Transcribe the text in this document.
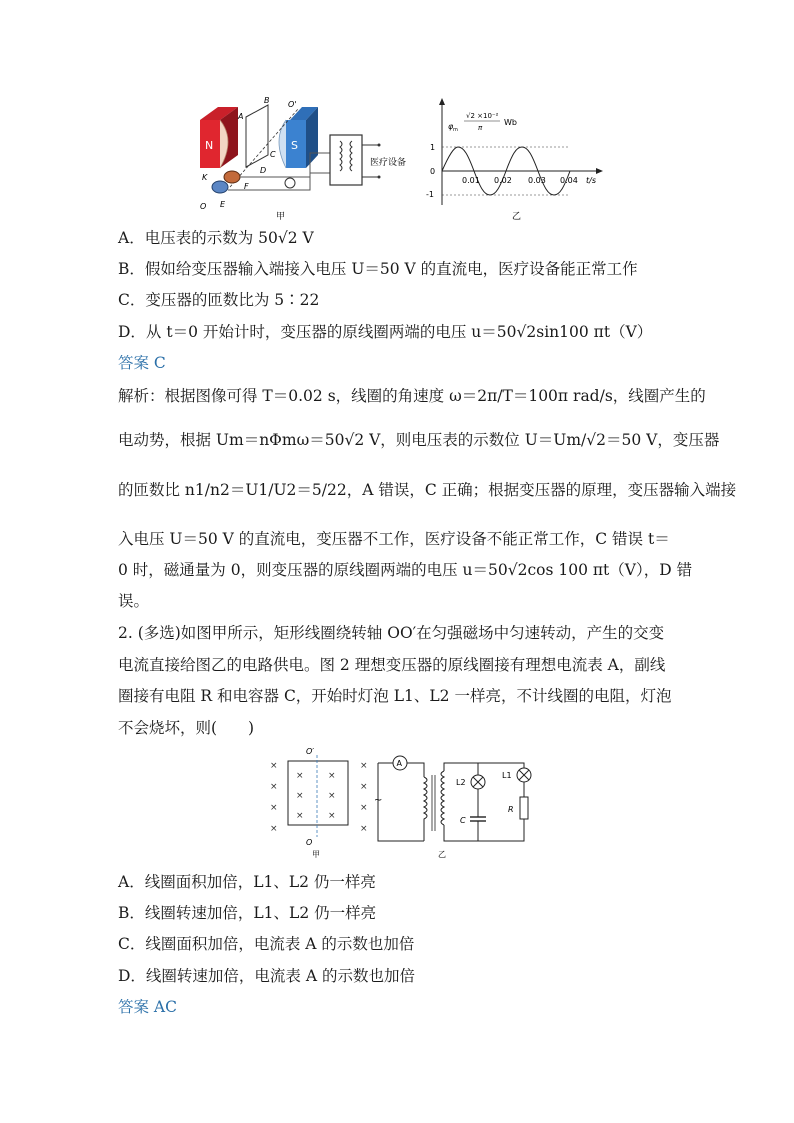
N	S
医疗设备
B O'
A
C
D
K
F
E
O
甲
φ m
√2 ×10⁻²
π
Wb
1
0
-1
0.01 0.02 0.03 0.04 t/s
乙
A．电压表的示数为 50√2 V
B．假如给变压器输入端接入电压 U＝50 V 的直流电，医疗设备能正常工作
C．变压器的匝数比为 5∶22
D．从 t＝0 开始计时，变压器的原线圈两端的电压 u＝50√2sin100 πt（V）
答案 C
解析：根据图像可得 T＝0.02 s，线圈的角速度 ω＝2π/T＝100π rad/s，线圈产生的
电动势，根据 Um＝nΦmω＝50√2 V，则电压表的示数位 U＝Um/√2＝50 V，变压器
的匝数比 n1/n2＝U1/U2＝5/22，A 错误，C 正确；根据变压器的原理，变压器输入端接
入电压 U＝50 V 的直流电，变压器不工作，医疗设备不能正常工作，C 错误 t＝
0 时，磁通量为 0，则变压器的原线圈两端的电压 u＝50√2cos 100 πt（V），D 错
误。
2. (多选)如图甲所示，矩形线圈绕转轴 OO′在匀强磁场中匀速转动，产生的交变
电流直接给图乙的电路供电。图 2 理想变压器的原线圈接有理想电流表 A，副线
圈接有电阻 R 和电容器 C，开始时灯泡 L1、L2 一样亮，不计线圈的电阻，灯泡
不会烧坏，则(　　)
O′
×
×
×
×
×
×
×
×
×
×
×
×
×
×
O
甲
A
~
L2
C
L1
R
乙
A．线圈面积加倍，L1、L2 仍一样亮
B．线圈转速加倍，L1、L2 仍一样亮
C．线圈面积加倍，电流表 A 的示数也加倍
D．线圈转速加倍，电流表 A 的示数也加倍
答案 AC
